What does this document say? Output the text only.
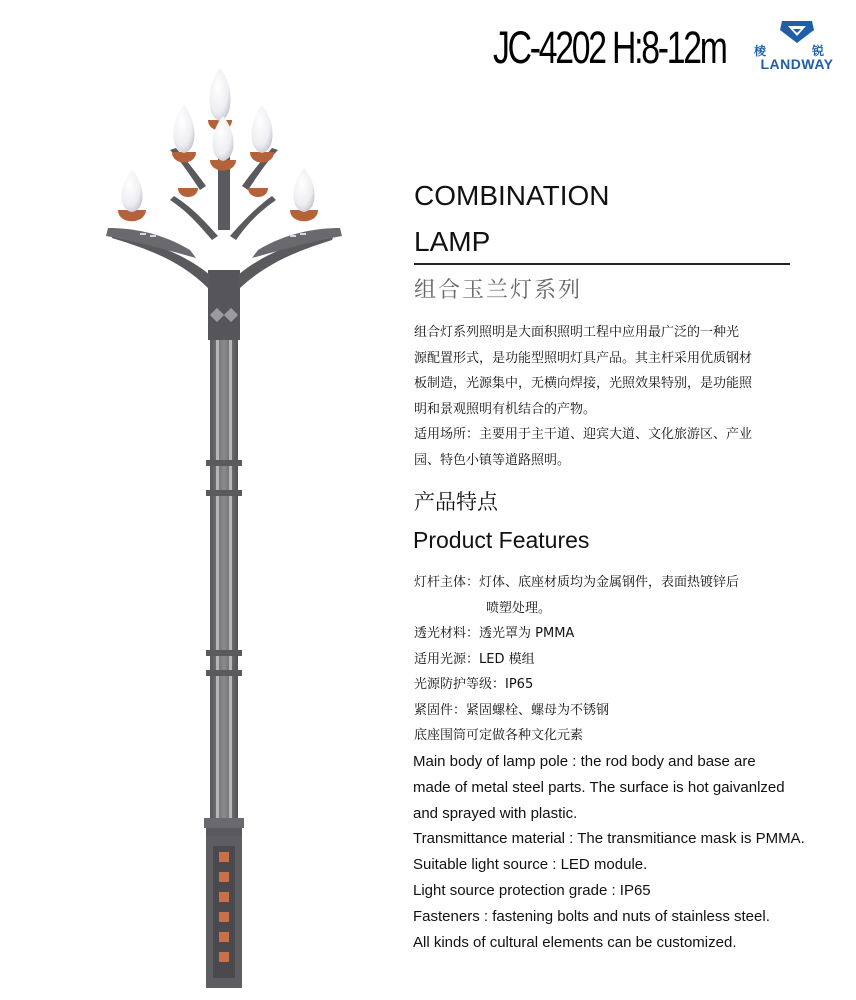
JC-4202 H:8-12m 棱	锐
LANDWAY
COMBINATION
LAMP
组合玉兰灯系列

组合灯系列照明是大面积照明工程中应用最广泛的一种光

源配置形式，是功能型照明灯具产品。其主杆采用优质钢材

板制造，光源集中，无横向焊接，光照效果特别，是功能照

明和景观照明有机结合的产物。

适用场所：主要用于主干道、迎宾大道、文化旅游区、产业

园、特色小镇等道路照明。

产品特点
Product Features
灯杆主体：灯体、底座材质均为金属钢件，表面热镀锌后
喷塑处理。
透光材料：透光罩为 PMMA
适用光源：LED 模组
光源防护等级：IP65
紧固件：紧固螺栓、螺母为不锈钢
底座围筒可定做各种文化元素
Main body of lamp pole : the rod body and base are
made of metal steel parts. The surface is hot gaivanlzed
and sprayed with plastic.
Transmittance material : The transmitiance mask is PMMA.
Suitable light source : LED module.
Light source protection grade : IP65
Fasteners : fastening bolts and nuts of stainless steel.
All kinds of cultural elements can be customized.
